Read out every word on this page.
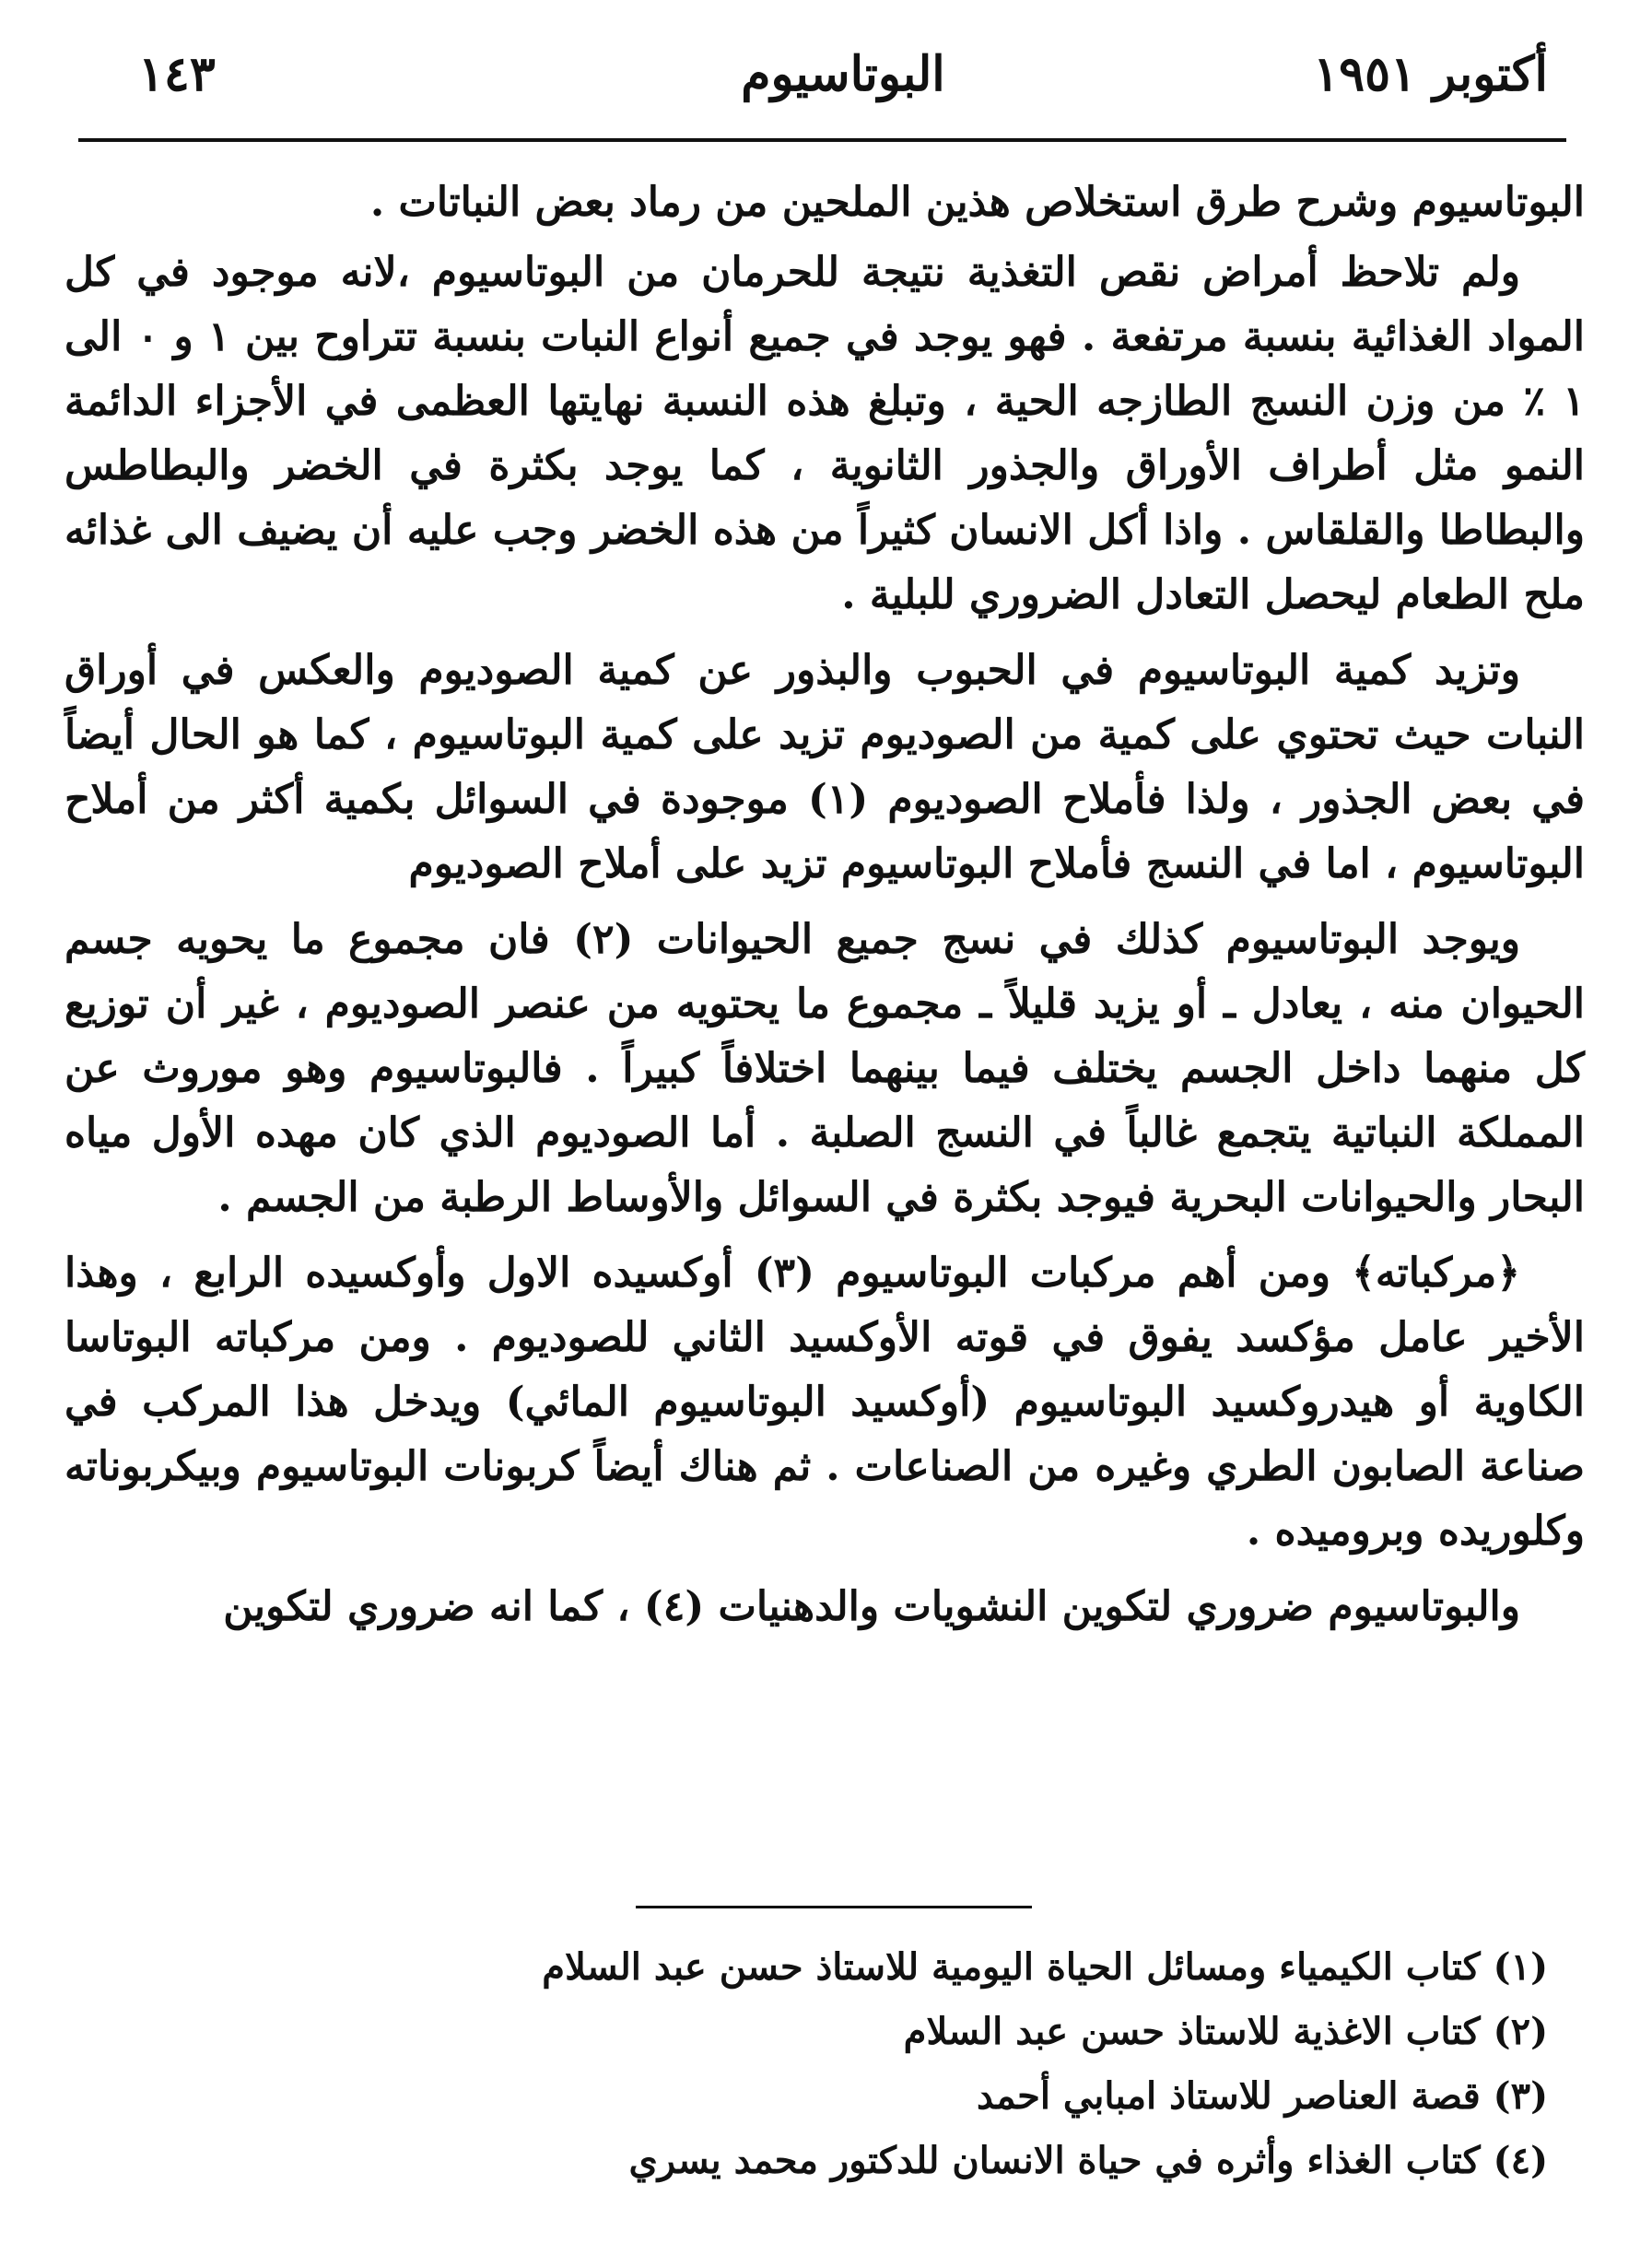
أكتوبر ١٩٥١
البوتاسيوم
١٤٣

البوتاسيوم وشرح طرق استخلاص هذين الملحين من رماد بعض النباتات .

ولم تلاحظ أمراض نقص التغذية نتيجة للحرمان من البوتاسيوم ،لانه موجود في كل المواد الغذائية بنسبة مرتفعة . فهو يوجد في جميع أنواع النبات بنسبة تتراوح بين ١ و ٠ الى ١ ٪ من وزن النسج الطازجه الحية ، وتبلغ هذه النسبة نهايتها العظمى في الأجزاء الدائمة النمو مثل أطراف الأوراق والجذور الثانوية ، كما يوجد بكثرة في الخضر والبطاطس والبطاطا والقلقاس . واذا أكل الانسان كثيراً من هذه الخضر وجب عليه أن يضيف الى غذائه ملح الطعام ليحصل التعادل الضروري للبلية .

وتزيد كمية البوتاسيوم في الحبوب والبذور عن كمية الصوديوم والعكس في أوراق النبات حيث تحتوي على كمية من الصوديوم تزيد على كمية البوتاسيوم ، كما هو الحال أيضاً في بعض الجذور ، ولذا فأملاح الصوديوم (١) موجودة في السوائل بكمية أكثر من أملاح البوتاسيوم ، اما في النسج فأملاح البوتاسيوم تزيد على أملاح الصوديوم

ويوجد البوتاسيوم كذلك في نسج جميع الحيوانات (٢) فان مجموع ما يحويه جسم الحيوان منه ، يعادل ـ أو يزيد قليلاً ـ مجموع ما يحتويه من عنصر الصوديوم ، غير أن توزيع كل منهما داخل الجسم يختلف فيما بينهما اختلافاً كبيراً . فالبوتاسيوم وهو موروث عن المملكة النباتية يتجمع غالباً في النسج الصلبة . أما الصوديوم الذي كان مهده الأول مياه البحار والحيوانات البحرية فيوجد بكثرة في السوائل والأوساط الرطبة من الجسم .

﴿مركباته﴾ ومن أهم مركبات البوتاسيوم (٣) أوكسيده الاول وأوكسيده الرابع ، وهذا الأخير عامل مؤكسد يفوق في قوته الأوكسيد الثاني للصوديوم . ومن مركباته البوتاسا الكاوية أو هيدروكسيد البوتاسيوم (أوكسيد البوتاسيوم المائي) ويدخل هذا المركب في صناعة الصابون الطري وغيره من الصناعات . ثم هناك أيضاً كربونات البوتاسيوم وبيكربوناته وكلوريده وبروميده .

والبوتاسيوم ضروري لتكوين النشويات والدهنيات (٤) ، كما انه ضروري لتكوين

(١) كتاب الكيمياء ومسائل الحياة اليومية للاستاذ حسن عبد السلام
(٢) كتاب الاغذية للاستاذ حسن عبد السلام
(٣) قصة العناصر للاستاذ امبابي أحمد
(٤) كتاب الغذاء وأثره في حياة الانسان للدكتور محمد يسري
